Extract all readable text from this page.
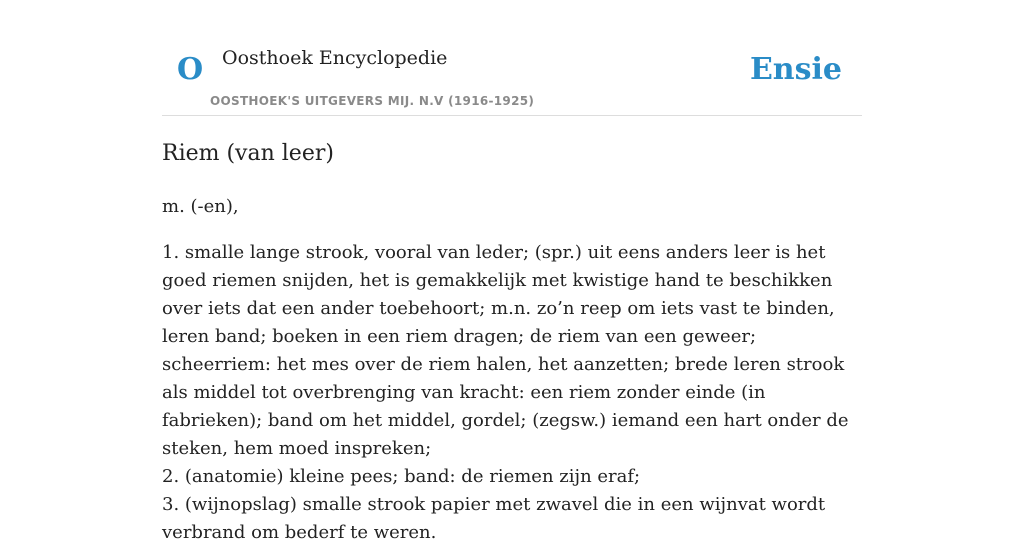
O Oosthoek Encyclopedie
OOSTHOEK'S UITGEVERS MIJ. N.V (1916-1925)
Ensie
Riem (van leer)

m. (-en),

1. smalle lange strook, vooral van leder; (spr.) uit eens anders leer is het goed riemen snijden, het is gemakkelijk met kwistige hand te beschikken over iets dat een ander toebehoort; m.n. zo’n reep om iets vast te binden, leren band; boeken in een riem dragen; de riem van een geweer; scheerriem: het mes over de riem halen, het aanzetten; brede leren strook als middel tot overbrenging van kracht: een riem zonder einde (in fabrieken); band om het middel, gordel; (zegsw.) iemand een hart onder de steken, hem moed inspreken;

2. (anatomie) kleine pees; band: de riemen zijn eraf;

3. (wijnopslag) smalle strook papier met zwavel die in een wijnvat wordt verbrand om bederf te weren.
